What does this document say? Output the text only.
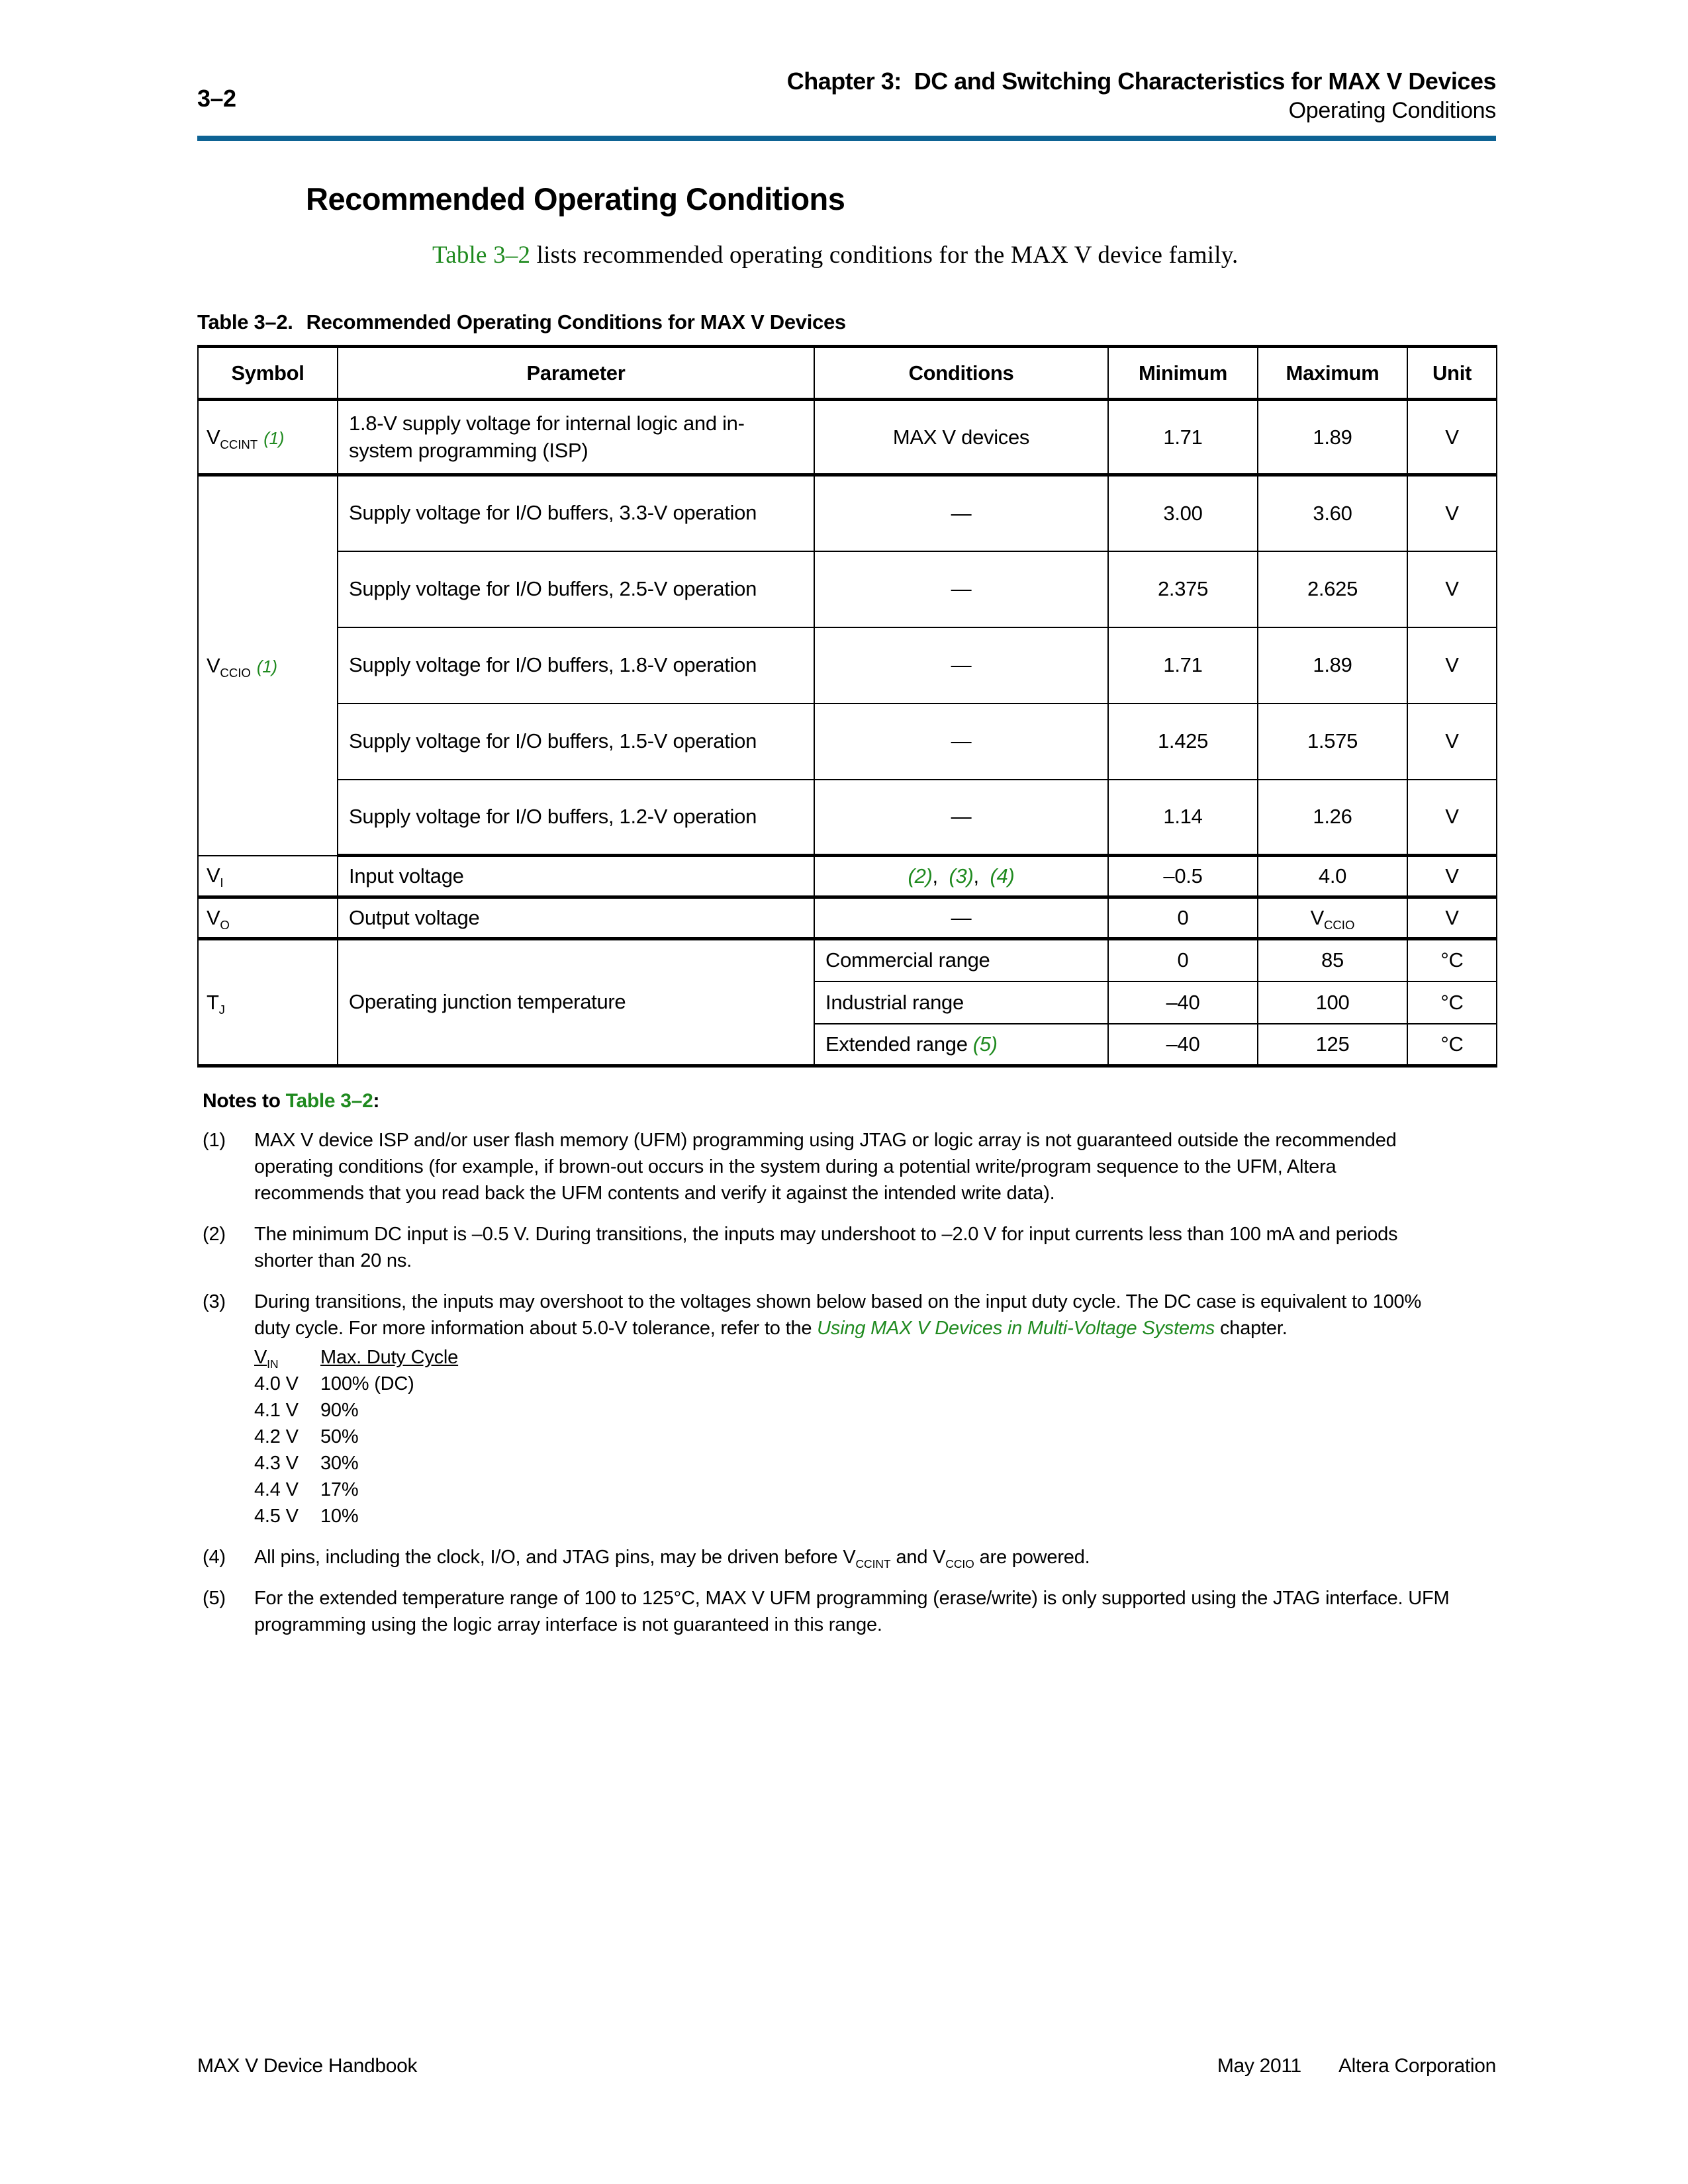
3–2
Chapter 3:  DC and Switching Characteristics for MAX V Devices
Operating Conditions
Recommended Operating Conditions

Table 3–2 lists recommended operating conditions for the MAX V device family.

Table 3–2. Recommended Operating Conditions for MAX V Devices
Symbol	Parameter	Conditions	Minimum	Maximum	Unit
$V_{CCINT}$ (1)	1.8-V supply voltage for internal logic and in-system programming (ISP)	MAX V devices	1.71	1.89	V
$V_{CCIO}$ (1)	Supply voltage for I/O buffers, 3.3-V operation	—	3.00	3.60	V
	Supply voltage for I/O buffers, 2.5-V operation	—	2.375	2.625	V
	Supply voltage for I/O buffers, 1.8-V operation	—	1.71	1.89	V
	Supply voltage for I/O buffers, 1.5-V operation	—	1.425	1.575	V
	Supply voltage for I/O buffers, 1.2-V operation	—	1.14	1.26	V
$V_I$	Input voltage	(2),  (3),  (4)	–0.5	4.0	V
$V_O$	Output voltage	—	0	$V_{CCIO}$	V
$T_J$	Operating junction temperature	Commercial range	0	85	°C
		Industrial range	–40	100	°C
		Extended range (5)	–40	125	°C
Notes to Table 3–2:
(1)	MAX V device ISP and/or user flash memory (UFM) programming using JTAG or logic array is not guaranteed outside the recommended operating conditions (for example, if brown-out occurs in the system during a potential write/program sequence to the UFM, Altera recommends that you read back the UFM contents and verify it against the intended write data).
(2)	The minimum DC input is –0.5 V. During transitions, the inputs may undershoot to –2.0 V for input currents less than 100 mA and periods shorter than 20 ns.
(3)	During transitions, the inputs may overshoot to the voltages shown below based on the input duty cycle. The DC case is equivalent to 100% duty cycle. For more information about 5.0-V tolerance, refer to the Using MAX V Devices in Multi-Voltage Systems chapter.
$V_{IN}$	Max. Duty Cycle
4.0 V	100% (DC)
4.1 V	90%
4.2 V	50%
4.3 V	30%
4.4 V	17%
4.5 V	10%
(4)	All pins, including the clock, I/O, and JTAG pins, may be driven before $V_{CCINT}$ and $V_{CCIO}$ are powered.
(5)	For the extended temperature range of 100 to 125°C, MAX V UFM programming (erase/write) is only supported using the JTAG interface. UFM programming using the logic array interface is not guaranteed in this range.
MAX V Device Handbook	May 2011 Altera Corporation
